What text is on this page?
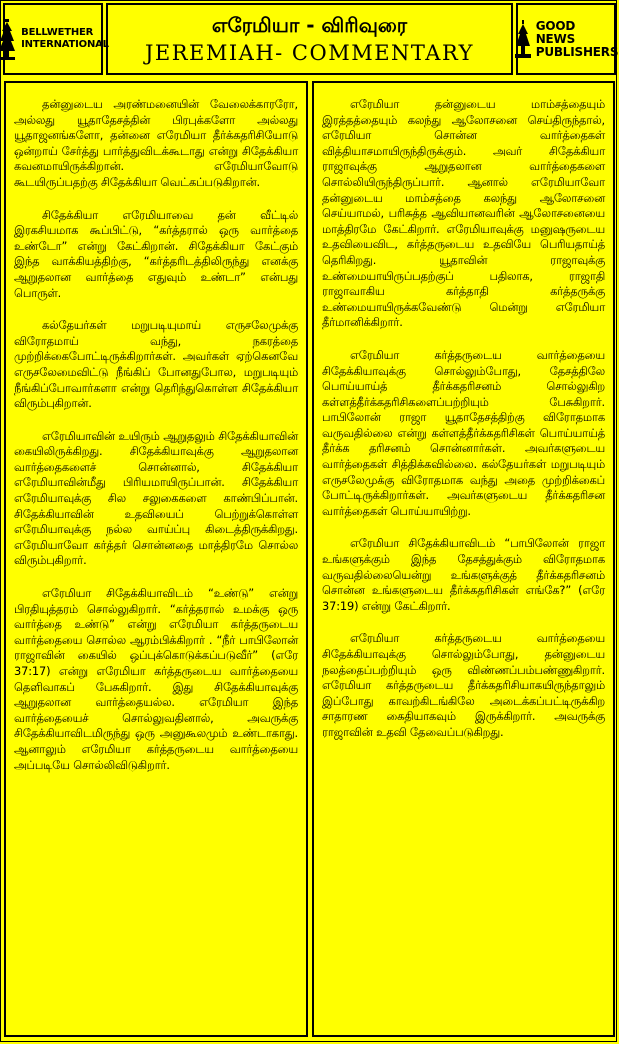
BELLWETHER INTERNATIONAL
எரேமியா - விரிவுரை
JEREMIAH- COMMENTARY
GOOD NEWS PUBLISHERS

தன்னுடைய அரண்மனையின் வேலைக்காரரோ, அல்லது யூதாதேசத்தின் பிரபுக்களோ அல்லது யூதாஜனங்களோ, தன்னை எரேமியா தீர்க்கதரிசியோடு ஒன்றாய் சேர்த்து பார்த்துவிடக்கூடாது என்று சிதேக்கியா கவனமாயிருக்கிறான். எரேமியாவோடு கூடயிருப்பதற்கு சிதேக்கியா வெட்கப்படுகிறான்.

சிதேக்கியா எரேமியாவை தன் வீட்டில் இரகசியமாக கூப்பிட்டு, “கர்த்தரால் ஒரு வார்த்தை உண்டோ” என்று கேட்கிறான். சிதேக்கியா கேட்கும் இந்த வாக்கியத்திற்கு, “கர்த்தரிடத்திலிருந்து எனக்கு ஆறுதலான வார்த்தை எதுவும் உண்டா” என்பது பொருள்.

கல்தேயர்கள் மறுபடியுமாய் எருசலேமுக்கு விரோதமாய் வந்து, நகரத்தை முற்றிக்கைபோட்டிருக்கிறார்கள். அவர்கள் ஏற்கெனவே எருசலேமைவிட்டு நீங்கிப் போனதுபோல, மறுபடியும் நீங்கிப்போவார்களா என்று தெரிந்துகொள்ள சிதேக்கியா விரும்புகிறான்.

எரேமியாவின் உயிரும் ஆறுதலும் சிதேக்கியாவின் கையிலிருக்கிறது. சிதேக்கியாவுக்கு ஆறுதலான வார்த்தைகளைச் சொன்னால், சிதேக்கியா எரேமியாவின்மீது பிரியமாயிருப்பான். சிதேக்கியா எரேமியாவுக்கு சில சலுகைகளை காண்பிப்பான். சிதேக்கியாவின் உதவியைப் பெற்றுக்கொள்ள எரேமியாவுக்கு நல்ல வாய்ப்பு கிடைத்திருக்கிறது. எரேமியாவோ கர்த்தர் சொன்னதை மாத்திரமே சொல்ல விரும்புகிறார்.

எரேமியா சிதேக்கியாவிடம் “உண்டு” என்று பிரதியுத்தரம் சொல்லுகிறார். “கர்த்தரால் உமக்கு ஒரு வார்த்தை உண்டு” என்று எரேமியா கர்த்தருடைய வார்த்தையை சொல்ல ஆரம்பிக்கிறார் . “நீர் பாபிலோன் ராஜாவின் கையில் ஒப்புக்கொடுக்கப்படுவீர்” (எரே 37:17) என்று எரேமியா கர்த்தருடைய வார்த்தையை தெளிவாகப் பேசுகிறார். இது சிதேக்கியாவுக்கு ஆறுதலான வார்த்தையல்ல. எரேமியா இந்த வார்த்தையைச் சொல்லுவதினால், அவருக்கு சிதேக்கியாவிடமிருந்து ஒரு அனுகூலமும் உண்டாகாது. ஆனாலும் எரேமியா கர்த்தருடைய வார்த்தையை அப்படியே சொல்லிவிடுகிறார்.

எரேமியா தன்னுடைய மாம்சத்தையும் இரத்தத்தையும் கலந்து ஆலோசனை செய்திருந்தால், எரேமியா சொன்ன வார்த்தைகள் வித்தியாசமாயிருந்திருக்கும். அவர் சிதேக்கியா ராஜாவுக்கு ஆறுதலான வார்த்தைகளை சொல்லியிருந்திருப்பார். ஆனால் எரேமியாவோ தன்னுடைய மாம்சத்தை கலந்து ஆலோசனை செய்யாமல், பரிசுத்த ஆவியானவரின் ஆலோசனையை மாத்திரமே கேட்கிறார். எரேமியாவுக்கு மனுஷருடைய உதவியைவிட, கர்த்தருடைய உதவியே பெரியதாய்த் தெரிகிறது. யூதாவின் ராஜாவுக்கு உண்மையாயிருப்பதற்குப் பதிலாக, ராஜாதி ராஜாவாகிய கர்த்தாதி கர்த்தருக்கு உண்மையாயிருக்கவேண்டு மென்று எரேமியா தீர்மானிக்கிறார்.

எரேமியா கர்த்தருடைய வார்த்தையை சிதேக்கியாவுக்கு சொல்லும்போது, தேசத்திலே பொய்யாய்த் தீர்க்கதரிசனம் சொல்லுகிற கள்ளத்தீர்க்கதரிசிகளைப்பற்றியும் பேசுகிறார். பாபிலோன் ராஜா யூதாதேசத்திற்கு விரோதமாக வருவதில்லை என்று கள்ளத்தீர்க்கதரிசிகள் பொய்யாய்த் தீர்க்க தரிசனம் சொன்னார்கள். அவர்களுடைய வார்த்தைகள் சித்திக்கவில்லை. கல்தேயர்கள் மறுபடியும் எருசலேமுக்கு விரோதமாக வந்து அதை முற்றிக்கைப் போட்டிருக்கிறார்கள். அவர்களுடைய தீர்க்கதரிசன வார்த்தைகள் பொய்யாயிற்று.

எரேமியா சிதேக்கியாவிடம் “பாபிலோன் ராஜா உங்களுக்கும் இந்த தேசத்துக்கும் விரோதமாக வருவதில்லையென்று உங்களுக்குத் தீர்க்கதரிசனம் சொன்ன உங்களுடைய தீர்க்கதரிசிகள் எங்கே?” (எரே 37:19) என்று கேட்கிறார்.

எரேமியா கர்த்தருடைய வார்த்தையை சிதேக்கியாவுக்கு சொல்லும்போது, தன்னுடைய நலத்தைப்பற்றியும் ஒரு விண்ணப்பம்பண்ணுகிறார். எரேமியா கர்த்தருடைய தீர்க்கதரிசியாகயிருந்தாலும் இப்போது காவற்கிடங்கிலே அடைக்கப்பட்டிருக்கிற சாதாரண கைதியாகவும் இருக்கிறார். அவருக்கு ராஜாவின் உதவி தேவைப்படுகிறது.
